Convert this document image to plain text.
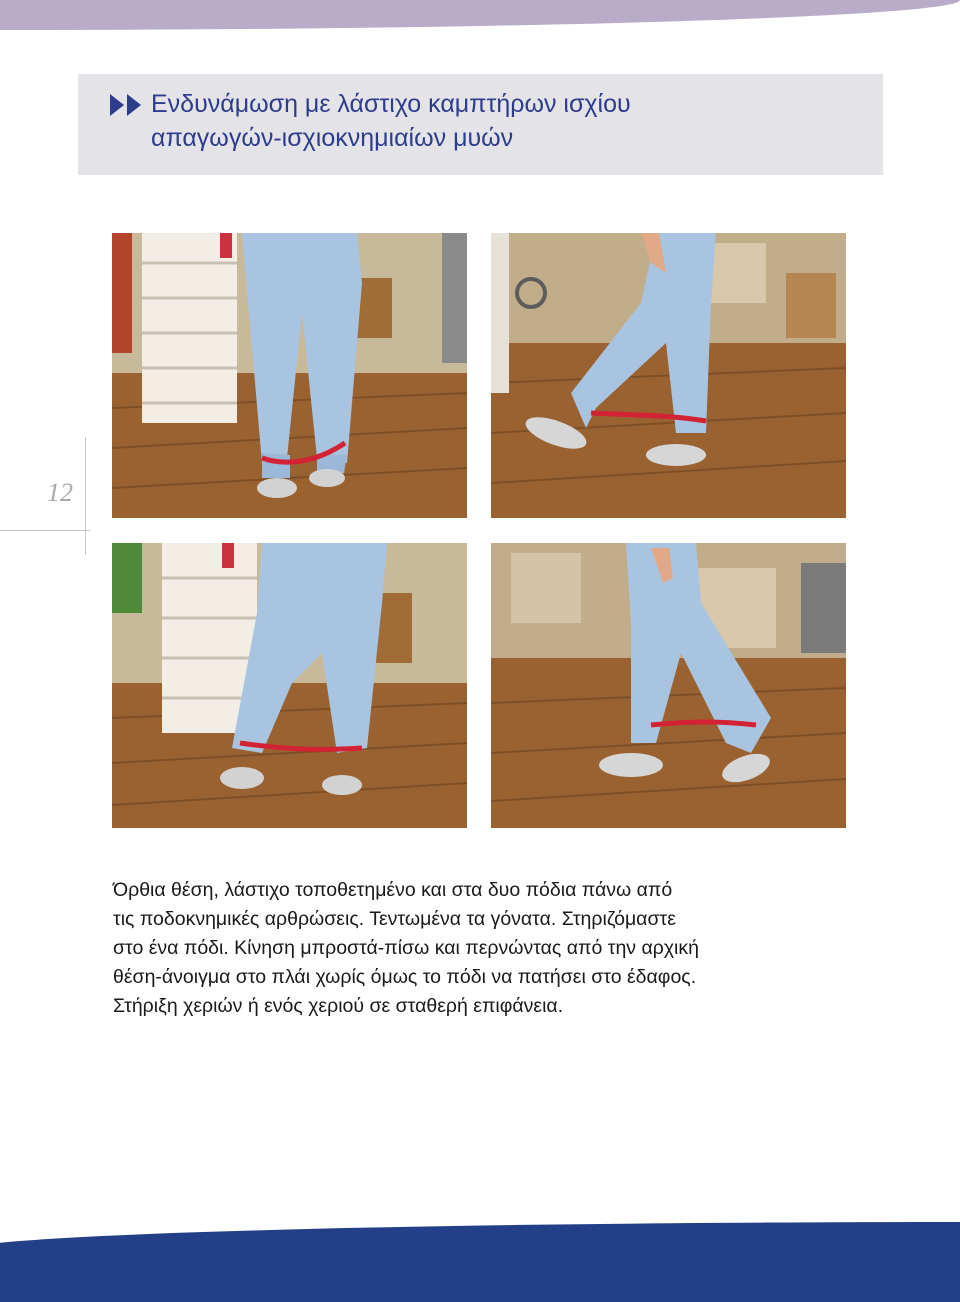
Ενδυνάμωση με λάστιχο καμπτήρων ισχίου
απαγωγών-ισχιοκνημιαίων μυών
12
Όρθια θέση, λάστιχο τοποθετημένο και στα δυο πόδια πάνω από
τις ποδοκνημικές αρθρώσεις. Τεντωμένα τα γόνατα. Στηριζόμαστε
στο ένα πόδι. Κίνηση μπροστά-πίσω και περνώντας από την αρχική
θέση-άνοιγμα στο πλάι χωρίς όμως το πόδι να πατήσει στο έδαφος.
Στήριξη χεριών ή ενός χεριού σε σταθερή επιφάνεια.
